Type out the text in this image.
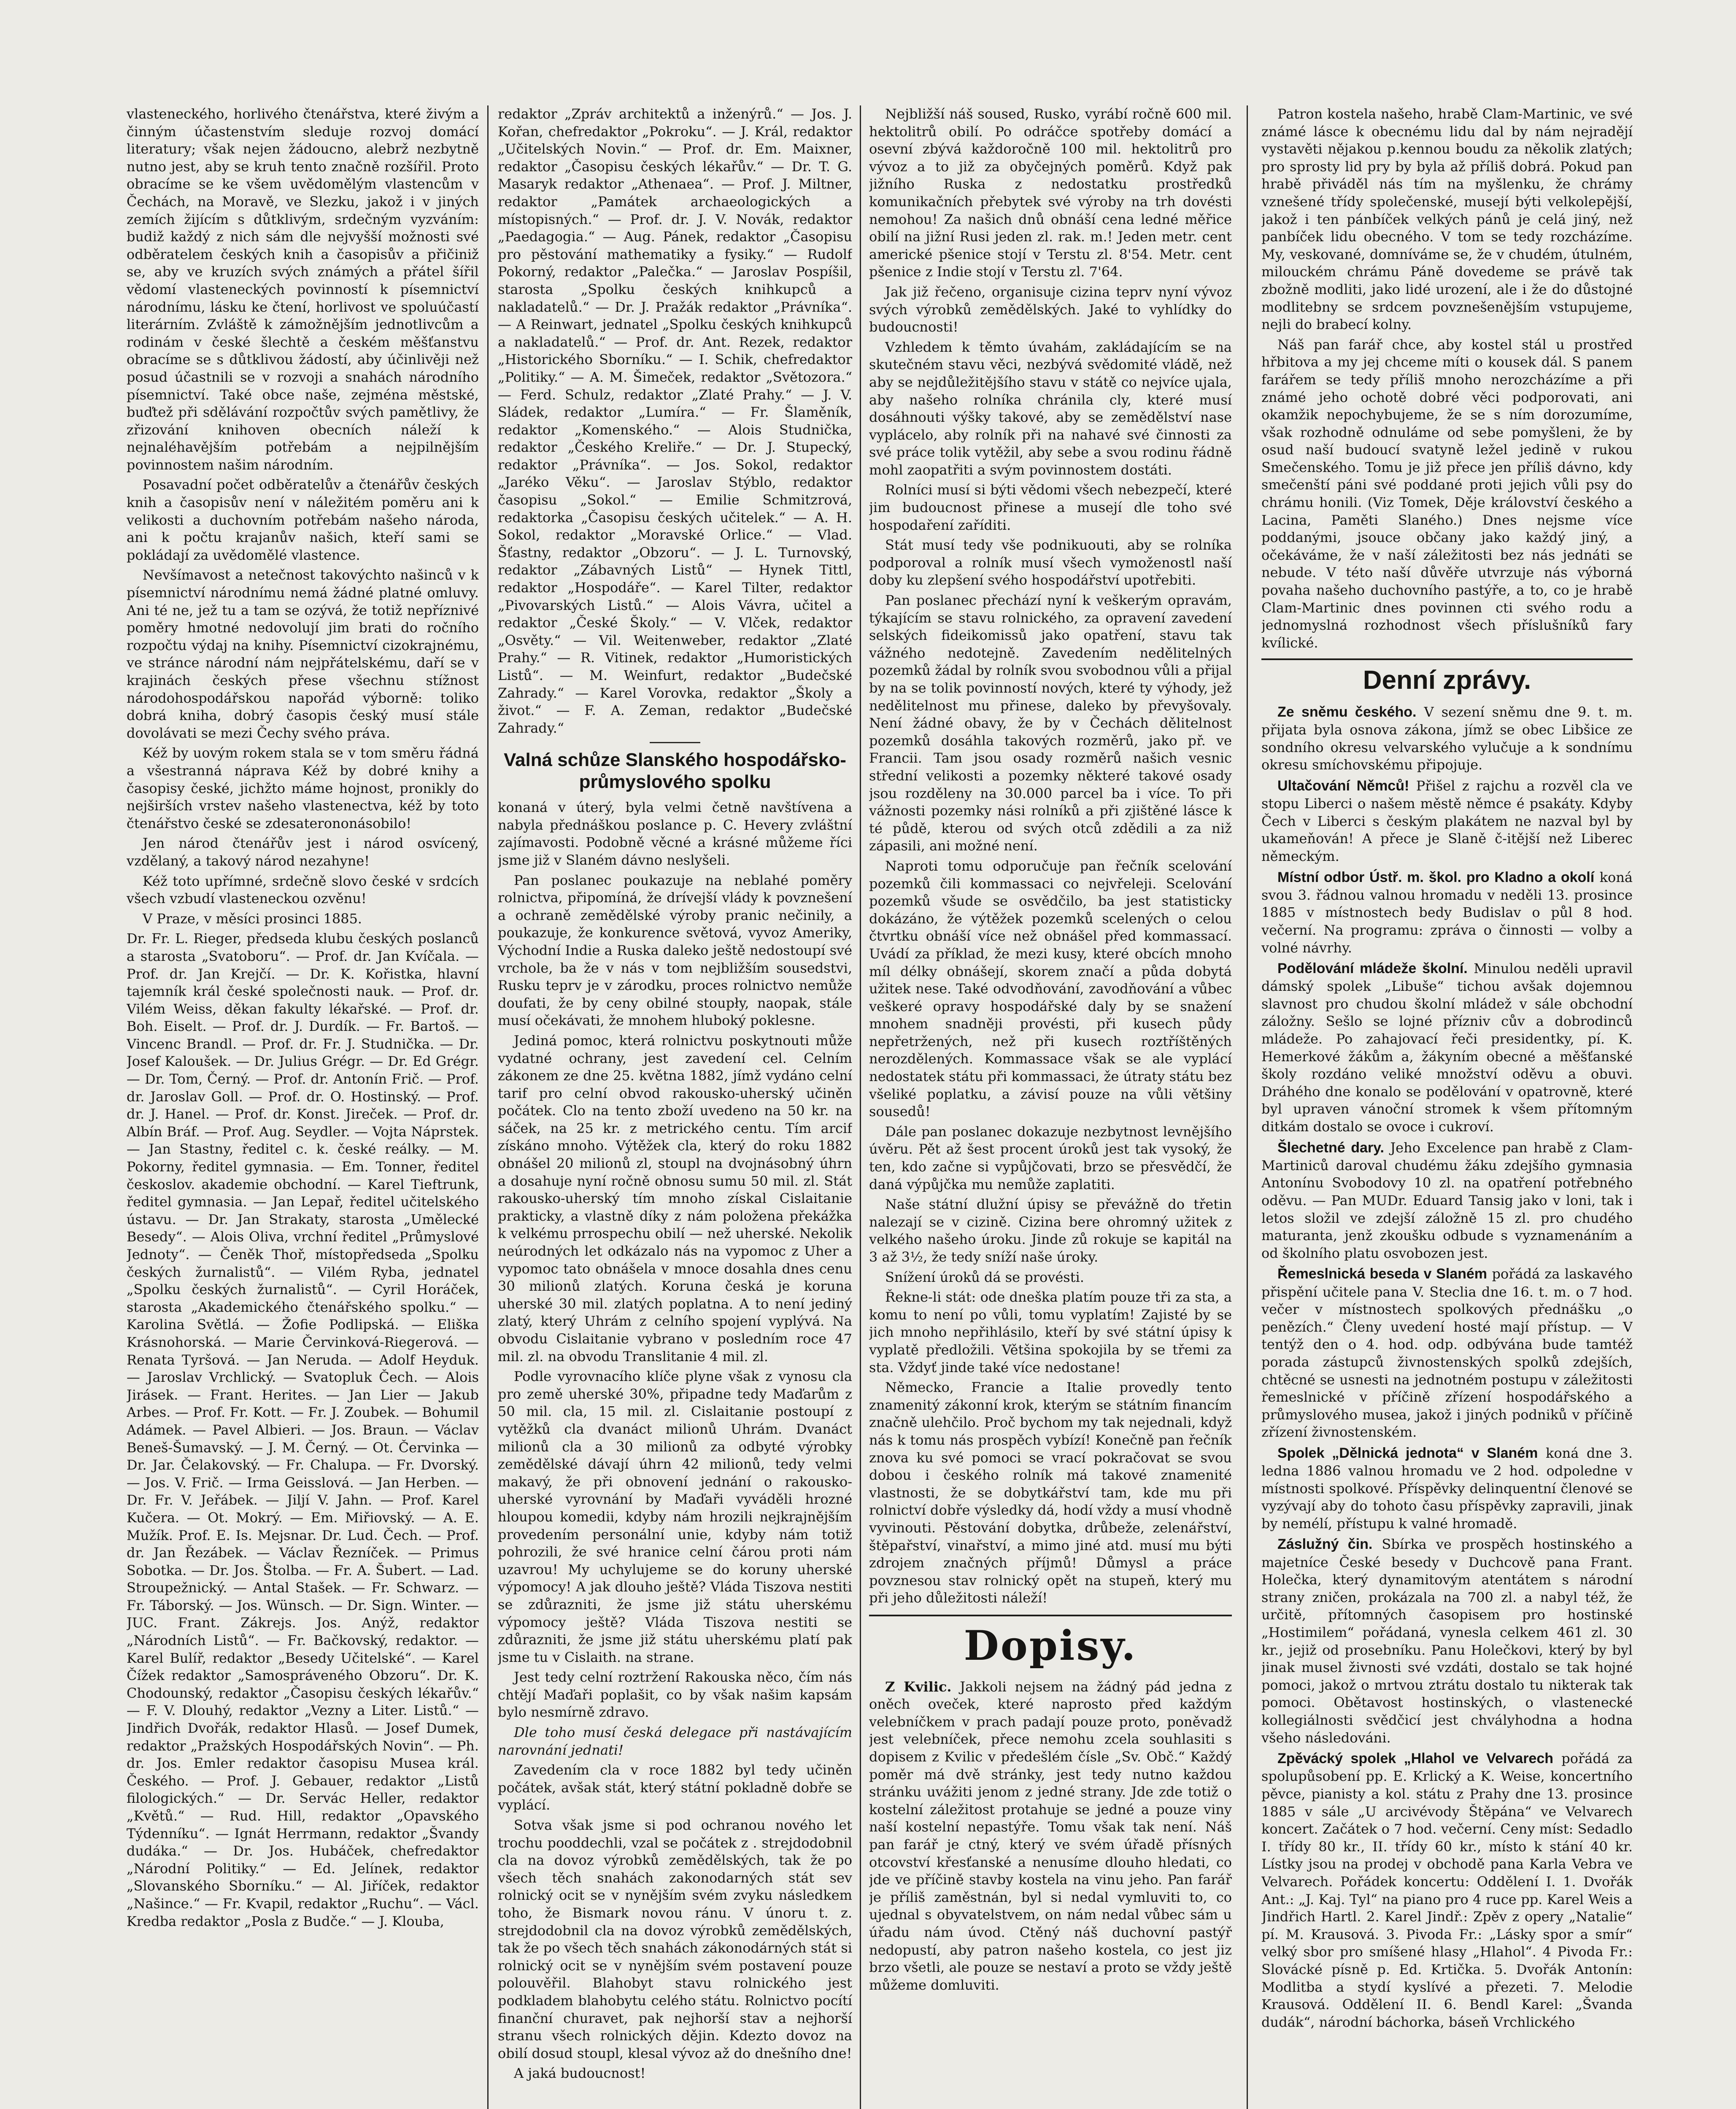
vlasteneckého, horlivého čtenářstva, které živým a činným účastenstvím sleduje rozvoj domácí literatury; však nejen žádoucno, alebrž nezbytně nutno jest, aby se kruh tento značně rozšířil. Proto obracíme se ke všem uvědomělým vlastencům v Čechách, na Moravě, ve Slezku, jakož i v jiných zemích žijícím s důtklivým, srdečným vyzváním: budiž každý z nich sám dle nejvyšší možnosti své odběratelem českých knih a časopisův a přičiniž se, aby ve kruzích svých známých a přátel šířil vědomí vlasteneckých povinností k písemnictví národnímu, lásku ke čtení, horlivost ve spoluúčastí literárním. Zvláště k zámožnějším jednotlivcům a rodinám v české šlechtě a českém měšťanstvu obracíme se s důtklivou žádostí, aby účinlivěji než posud účastnili se v rozvoji a snahách národního písemnictví. Také obce naše, zejména městské, buďtež při sdělávání rozpočtův svých pamětlivy, že zřizování knihoven obecních náleží k nejnaléhavějším potřebám a nejpilnějším povinnostem našim národním.

Posavadní počet odběratelův a čtenářův českých knih a časopisův není v náležitém poměru ani k velikosti a duchovním potřebám našeho národa, ani k počtu krajanův našich, kteří sami se pokládají za uvědomělé vlastence.

Nevšímavost a netečnost takovýchto našinců v k písemnictví národnímu nemá žádné platné omluvy. Ani té ne, jež tu a tam se ozývá, že totiž nepříznivé poměry hmotné nedovolují jim brati do ročního rozpočtu výdaj na knihy. Písemnictví cizokrajnému, ve stránce národní nám nejpřátelskému, daří se v krajinách českých přese všechnu stížnost národohospodářskou napořád výborně: toliko dobrá kniha, dobrý časopis český musí stále dovolávati se mezi Čechy svého práva.

Kéž by uovým rokem stala se v tom směru řádná a všestranná náprava Kéž by dobré knihy a časopisy české, jichžto máme hojnost, pronikly do nejširších vrstev našeho vlastenectva, kéž by toto čtenářstvo české se zdesaterononásobilo!

Jen národ čtenářův jest i národ osvícený, vzdělaný, a takový národ nezahyne!

Kéž toto upřímné, srdečně slovo české v srdcích všech vzbudí vlasteneckou ozvěnu!

V Praze, v měsíci prosinci 1885.

Dr. Fr. L. Rieger, předseda klubu českých poslanců a starosta „Svatoboru“. — Prof. dr. Jan Kvíčala. — Prof. dr. Jan Krejčí. — Dr. K. Kořistka, hlavní tajemník král české společnosti nauk. — Prof. dr. Vilém Weiss, děkan fakulty lékařské. — Prof. dr. Boh. Eiselt. — Prof. dr. J. Durdík. — Fr. Bartoš. — Vincenc Brandl. — Prof. dr. Fr. J. Studnička. — Dr. Josef Kaloušek. — Dr. Julius Grégr. — Dr. Ed Grégr. — Dr. Tom, Černý. — Prof. dr. Antonín Frič. — Prof. dr. Jaroslav Goll. — Prof. dr. O. Hostinský. — Prof. dr. J. Hanel. — Prof. dr. Konst. Jireček. — Prof. dr. Albín Bráf. — Prof. Aug. Seydler. — Vojta Náprstek. — Jan Stastny, ředitel c. k. české reálky. — M. Pokorny, ředitel gymnasia. — Em. Tonner, ředitel českoslov. akademie obchodní. — Karel Tieftrunk, ředitel gymnasia. — Jan Lepař, ředitel učitelského ústavu. — Dr. Jan Strakaty, starosta „Umělecké Besedy“. — Alois Oliva, vrchní ředitel „Průmyslové Jednoty“. — Čeněk Thoř, místopředseda „Spolku českých žurnalistů“. — Vilém Ryba, jednatel „Spolku českých žurnalistů“. — Cyril Horáček, starosta „Akademického čtenářského spolku.“ — Karolina Světlá. — Žofie Podlipská. — Eliška Krásnohorská. — Marie Červinková-Riegerová. — Renata Tyršová. — Jan Neruda. — Adolf Heyduk. — Jaroslav Vrchlický. — Svatopluk Čech. — Alois Jirásek. — Frant. Herites. — Jan Lier — Jakub Arbes. — Prof. Fr. Kott. — Fr. J. Zoubek. — Bohumil Adámek. — Pavel Albieri. — Jos. Braun. — Václav Beneš-Šumavský. — J. M. Černý. — Ot. Červinka — Dr. Jar. Čelakovský. — Fr. Chalupa. — Fr. Dvorský. — Jos. V. Frič. — Irma Geisslová. — Jan Herben. — Dr. Fr. V. Jeřábek. — Jiljí V. Jahn. — Prof. Karel Kučera. — Ot. Mokrý. — Em. Miřiovský. — A. E. Mužík. Prof. E. Is. Mejsnar. Dr. Lud. Čech. — Prof. dr. Jan Řezábek. — Václav Řezníček. — Primus Sobotka. — Dr. Jos. Štolba. — Fr. A. Šubert. — Lad. Stroupežnický. — Antal Stašek. — Fr. Schwarz. — Fr. Táborský. — Jos. Wünsch. — Dr. Sign. Winter. — JUC. Frant. Zákrejs. Jos. Anýž, redaktor „Národních Listů“. — Fr. Bačkovský, redaktor. — Karel Bulíř, redaktor „Besedy Učitelské“. — Karel Čížek redaktor „Samospráveného Obzoru“. Dr. K. Chodounský, redaktor „Časopisu českých lékařův.“ — F. V. Dlouhý, redaktor „Vezny a Liter. Listů.“ — Jindřich Dvořák, redaktor Hlasů. — Josef Dumek, redaktor „Pražských Hospodářských Novin“. — Ph. dr. Jos. Emler redaktor časopisu Musea král. Českého. — Prof. J. Gebauer, redaktor „Listů filologických.“ — Dr. Servác Heller, redaktor „Květů.“ — Rud. Hill, redaktor „Opavského Týdenníku“. — Ignát Herrmann, redaktor „Švandy dudáka.“ — Dr. Jos. Hubáček, chefredaktor „Národní Politiky.“ — Ed. Jelínek, redaktor „Slovanského Sborníku.“ — Al. Jiříček, redaktor „Našince.“ — Fr. Kvapil, redaktor „Ruchu“. — Václ. Kredba redaktor „Posla z Budče.“ — J. Klouba,

redaktor „Zpráv architektů a inženýrů.“ — Jos. J. Kořan, chefredaktor „Pokroku“. — J. Král, redaktor „Učitelských Novin.“ — Prof. dr. Em. Maixner, redaktor „Časopisu českých lékařův.“ — Dr. T. G. Masaryk redaktor „Athenaea“. — Prof. J. Miltner, redaktor „Památek archaeologických a místopisných.“ — Prof. dr. J. V. Novák, redaktor „Paedagogia.“ — Aug. Pánek, redaktor „Časopisu pro pěstování mathematiky a fysiky.“ — Rudolf Pokorný, redaktor „Palečka.“ — Jaroslav Pospíšil, starosta „Spolku českých knihkupců a nakladatelů.“ — Dr. J. Pražák redaktor „Právníka“. — A Reinwart, jednatel „Spolku českých knihkupců a nakladatelů.“ — Prof. dr. Ant. Rezek, redaktor „Historického Sborníku.“ — I. Schik, chefredaktor „Politiky.“ — A. M. Šimeček, redaktor „Světozora.“ — Ferd. Schulz, redaktor „Zlaté Prahy.“ — J. V. Sládek, redaktor „Lumíra.“ — Fr. Šlaměník, redaktor „Komenského.“ — Alois Studnička, redaktor „Českého Kreliře.“ — Dr. J. Stupecký, redaktor „Právníka“. — Jos. Sokol, redaktor „Jaréko Věku“. — Jaroslav Stýblo, redaktor časopisu „Sokol.“ — Emilie Schmitzrová, redaktorka „Časopisu českých učitelek.“ — A. H. Sokol, redaktor „Moravské Orlice.“ — Vlad. Šťastny, redaktor „Obzoru“. — J. L. Turnovský, redaktor „Zábavných Listů“ — Hynek Tittl, redaktor „Hospodáře“. — Karel Tilter, redaktor „Pivovarských Listů.“ — Alois Vávra, učitel a redaktor „České Školy.“ — V. Vlček, redaktor „Osvěty.“ — Vil. Weitenweber, redaktor „Zlaté Prahy.“ — R. Vitinek, redaktor „Humoristických Listů“. — M. Weinfurt, redaktor „Budečské Zahrady.“ — Karel Vorovka, redaktor „Školy a život.“ — F. A. Zeman, redaktor „Budečské Zahrady.“

Valná schůze Slanského hospodářsko-průmyslového spolku

konaná v úterý, byla velmi četně navštívena a nabyla přednáškou poslance p. C. Hevery zvláštní zajímavosti. Podobně věcné a krásné můžeme říci jsme již v Slaném dávno neslyšeli.

Pan poslanec poukazuje na neblahé poměry rolnictva, připomíná, že drívejší vlády k povznešení a ochraně zemědělské výroby pranic nečinily, a poukazuje, že konkurence světová, vyvoz Ameriky, Východní Indie a Ruska daleko ještě nedostoupí své vrchole, ba že v nás v tom nejbližším sousedstvi, Rusku teprv je v zárodku, proces rolnictvo nemůže doufati, že by ceny obilné stoupły, naopak, stále musí očekávati, že mnohem hluboký poklesne.

Jediná pomoc, která rolnictvu poskytnouti může vydatné ochrany, jest zavedení cel. Celním zákonem ze dne 25. května 1882, jímž vydáno celní tarif pro celní obvod rakousko-uherský učiněn počátek. Clo na tento zboží uvedeno na 50 kr. na sáček, na 25 kr. z metrického centu. Tím arcif získáno mnoho. Výtěžek cla, který do roku 1882 obnášel 20 milionů zl, stoupl na dvojnásobný úhrn a dosahuje nyní ročně obnosu sumu 50 mil. zl. Stát rakousko-uherský tím mnoho získal Cislaitanie prakticky, a vlastně díky z nám položena překážka k velkému prrospechu obilí — než uherské. Nekolik neúrodných let odkázalo nás na vypomoc z Uher a vypomoc tato obnášela v mnoce dosahla dnes cenu 30 milionů zlatých. Koruna česká je koruna uherské 30 mil. zlatých poplatna. A to není jediný zlatý, který Uhrám z celního spojení vyplývá. Na obvodu Cislaitanie vybrano v posledním roce 47 mil. zl. na obvodu Translitanie 4 mil. zl.

Podle vyrovnacího klíče plyne však z vynosu cla pro země uherské 30%, připadne tedy Maďarům z 50 mil. cla, 15 mil. zl. Cislaitanie postoupí z vytěžků cla dvanáct milionů Uhrám. Dvanáct milionů cla a 30 milionů za odbyté výrobky zemědělské dávají úhrn 42 milionů, tedy velmi makavý, že při obnovení jednání o rakousko-uherské vyrovnání by Maďaři vyváděli hrozné hloupou komedii, kdyby nám hrozili nejkrajnějším provedením personální unie, kdyby nám totiž pohrozili, že své hranice celní čárou proti nám uzavrou! My uchylujeme se do koruny uherské výpomocy! A jak dlouho ještě? Vláda Tiszova nestiti se zdůrazniti, že jsme již státu uherskému výpomocy ještě? Vláda Tiszova nestiti se zdůrazniti, že jsme již státu uherskému platí pak jsme tu v Cislaith. na strane.

Jest tedy celní roztržení Rakouska něco, čím nás chtějí Maďaři poplašit, co by však našim kapsám bylo nesmírně zdravo.

Dle toho musí česká delegace při nastávajícím narovnání jednati!

Zavedením cla v roce 1882 byl tedy učiněn počátek, avšak stát, který státní pokladně dobře se vyplácí.

Sotva však jsme si pod ochranou nového let trochu pooddechli, vzal se počátek z . strejdodobnil cla na dovoz výrobků zemědělských, tak že po všech těch snahách zakonodarných stát sev rolnický ocit se v nynějším svém zvyku následkem toho, že Bismark novou ránu. V únoru t. z. strejdodobnil cla na dovoz výrobků zemědělských, tak že po všech těch snahách zákonodárných stát si rolnický ocit se v nynějším svém postavení pouze polouvěřil. Blahobyt stavu rolnického jest podkladem blahobytu celého státu. Rolnictvo pocítí finanční churavet, pak nejhorší stav a nejhorší stranu všech rolnických dějin. Kdezto dovoz na obilí dosud stoupl, klesal vývoz až do dnešního dne!

A jaká budoucnost!

Nejbližší náš soused, Rusko, vyrábí ročně 600 mil. hektolitrů obilí. Po odráčce spotřeby domácí a osevní zbývá každoročně 100 mil. hektolitrů pro vývoz a to již za obyčejných poměrů. Když pak jižního Ruska z nedostatku prostředků komunikačních přebytek své výroby na trh dovésti nemohou! Za našich dnů obnáší cena ledné měřice obilí na jižní Rusi jeden zl. rak. m.! Jeden metr. cent americké pšenice stojí v Terstu zl. 8'54. Metr. cent pšenice z Indie stojí v Terstu zl. 7'64.

Jak již řečeno, organisuje cizina teprv nyní vývoz svých výrobků zemědělských. Jaké to vyhlídky do budoucnosti!

Vzhledem k těmto úvahám, zakládajícím se na skutečném stavu věci, nezbývá svědomité vládě, než aby se nejdůležitějšího stavu v státě co nejvíce ujala, aby našeho rolníka chránila cly, které musí dosáhnouti výšky takové, aby se zemědělství nase vyplácelo, aby rolník při na nahavé své činnosti za své práce tolik vytěžil, aby sebe a svou rodinu řádně mohl zaopatřiti a svým povinnostem dostáti.

Rolníci musí si býti vědomi všech nebezpečí, které jim budoucnost přinese a musejí dle toho své hospodaření zaříditi.

Stát musí tedy vše podnikuouti, aby se rolníka podporoval a rolník musí všech vymoženostl naší doby ku zlepšení svého hospodářství upotřebiti.

Pan poslanec přechází nyní k veškerým opravám, týkajícím se stavu rolnického, za opravení zavedení selských fideikomissů jako opatření, stavu tak vážného nedotejně. Zavedením nedělitelných pozemků žádal by rolník svou svobodnou vůli a přijal by na se tolik povinností nových, které ty výhody, jež nedělitelnost mu přinese, daleko by převyšovaly. Není žádné obavy, že by v Čechách dělitelnost pozemků dosáhla takových rozměrů, jako př. ve Francii. Tam jsou osady rozměrů našich vesnic střední velikosti a pozemky některé takové osady jsou rozděleny na 30.000 parcel ba i více. To při vážnosti pozemky nási rolníků a při zjištěné lásce k té půdě, kterou od svých otců zdědili a za niž zápasili, ani možné není.

Naproti tomu odporučuje pan řečník scelování pozemků čili kommassaci co nejvřeleji. Scelování pozemků všude se osvědčilo, ba jest statisticky dokázáno, že výtěžek pozemků scelených o celou čtvrtku obnáší více než obnášel před kommassací. Uvádí za příklad, že mezi kusy, které obcích mnoho míl délky obnášejí, skorem značí a půda dobytá užitek nese. Také odvodňování, zavodňování a vůbec veškeré opravy hospodářské daly by se snažení mnohem snadněji provésti, při kusech půdy nepřetržených, než při kusech roztříštěných nerozdělených. Kommassace však se ale vyplácí nedostatek státu při kommassaci, že útraty státu bez všeliké poplatku, a závisí pouze na vůli většiny sousedů!

Dále pan poslanec dokazuje nezbytnost levnějšího úvěru. Pět až šest procent úroků jest tak vysoký, že ten, kdo začne si vypůjčovati, brzo se přesvědčí, že daná výpůjčka mu nemůže zaplatiti.

Naše státní dlužní úpisy se převážně do třetin nalezají se v cizině. Cizina bere ohromný užitek z velkého našeho úroku. Jinde zů rokuje se kapitál na 3 až 3½, že tedy sníží naše úroky.

Snížení úroků dá se provésti.

Řekne-li stát: ode dneška platím pouze tři za sta, a komu to není po vůli, tomu vyplatím! Zajisté by se jich mnoho nepřihlásilo, kteří by své státní úpisy k vyplatě předložili. Většina spokojila by se třemi za sta. Vždyť jinde také více nedostane!

Německo, Francie a Italie provedly tento znamenitý zákonní krok, kterým se státním financím značně ulehčilo. Proč bychom my tak nejednali, když nás k tomu nás prospěch vybízí! Konečně pan řečník znova ku své pomoci se vrací pokračovat se svou dobou i českého rolník má takové znamenité vlastnosti, že se dobytkářství tam, kde mu při rolnictví dobře výsledky dá, hodí vždy a musí vhodně vyvinouti. Pěstování dobytka, drůbeže, zelenářství, štěpařství, vinařství, a mimo jiné atd. musí mu býti zdrojem značných příjmů! Důmysl a práce povznesou stav rolnický opět na stupeň, který mu při jeho důležitosti náleží!

Dopisy.

Z Kvilic. Jakkoli nejsem na žádný pád jedna z oněch oveček, které naprosto před každým velebníčkem v prach padají pouze proto, poněvadž jest velebníček, přece nemohu zcela souhlasiti s dopisem z Kvilic v předešlém čísle „Sv. Obč.“ Každý poměr má dvě stránky, jest tedy nutno každou stránku uvážiti jenom z jedné strany. Jde zde totiž o kostelní záležitost protahuje se jedné a pouze viny naší kostelní nepastýře. Tomu však tak není. Náš pan farář je ctný, který ve svém úřadě přísných otcovství křesťanské a nenusíme dlouho hledati, co jde ve příčině stavby kostela na vinu jeho. Pan farář je příliš zaměstnán, byl si nedal vymluviti to, co ujednal s obyvatelstvem, on nám nedal vůbec sám u úřadu nám úvod. Ctěný náš duchovní pastýř nedopustí, aby patron našeho kostela, co jest jiz brzo všetli, ale pouze se nestaví a proto se vždy ještě můžeme domluviti.

Patron kostela našeho, hrabě Clam-Martinic, ve své známé lásce k obecnému lidu dal by nám nejradějí vystavěti nějakou p.kennou boudu za několik zlatých; pro sprosty lid pry by byla až příliš dobrá. Pokud pan hrabě přiváděl nás tím na myšlenku, že chrámy vznešené třídy společenské, musejí býti velkolepější, jakož i ten pánbíček velkých pánů je celá jiný, než panbíček lidu obecného. V tom se tedy rozcházíme. My, veskované, domníváme se, že v chudém, útulném, milouckém chrámu Páně dovedeme se právě tak zbožně modliti, jako lidé urození, ale i že do důstojné modlitebny se srdcem povznešenějším vstupujeme, nejli do brabecí kolny.

Náš pan farář chce, aby kostel stál u prostřed hřbitova a my jej chceme míti o kousek dál. S panem farářem se tedy příliš mnoho nerozcházíme a při známé jeho ochotě dobré věci podporovati, ani okamžik nepochybujeme, že se s ním dorozumíme, však rozhodně odnuláme od sebe pomyšleni, že by osud naší budoucí svatyně ležel jedině v rukou Smečenského. Tomu je již přece jen příliš dávno, kdy smečenští páni své poddané proti jejich vůli psy do chrámu honili. (Viz Tomek, Děje království českého a Lacina, Paměti Slaného.) Dnes nejsme více poddanými, jsouce občany jako každý jiný, a očekáváme, že v naší záležitosti bez nás jednáti se nebude. V této naší důvěře utvrzuje nás výborná povaha našeho duchovního pastýře, a to, co je hrabě Clam-Martinic dnes povinnen cti svého rodu a jednomyslná rozhodnost všech příslušníků fary kvílické.

Denní zprávy.

Ze sněmu českého. V sezení sněmu dne 9. t. m. přijata byla osnova zákona, jímž se obec Libšice ze sondního okresu velvarského vylučuje a k sondnímu okresu smíchovskému připojuje.

Ultačování Němců! Přišel z rajchu a rozvěl cla ve stopu Liberci o našem městě němce é psakáty. Kdyby Čech v Liberci s českým plakátem ne nazval byl by ukameňován! A přece je Slaně č-itější než Liberec německým.

Místní odbor Ústř. m. škol. pro Kladno a okolí koná svou 3. řádnou valnou hromadu v neděli 13. prosince 1885 v místnostech bedy Budislav o půl 8 hod. večerní. Na programu: zpráva o činnosti — volby a volné návrhy.

Podělování mládeže školní. Minulou neděli upravil dámský spolek „Libuše“ tichou avšak dojemnou slavnost pro chudou školní mládež v sále obchodní záložny. Sešlo se lojné přízniv cův a dobrodinců mládeže. Po zahajovací řeči presidentky, pí. K. Hemerkové žákům a, žákyním obecné a měšťanské školy rozdáno veliké množství oděvu a obuvi. Dráhého dne konalo se podělování v opatrovně, které byl upraven vánoční stromek k všem přítomným ditkám dostalo se ovoce i cukroví.

Šlechetné dary. Jeho Excelence pan hrabě z Clam-Martiniců daroval chudému žáku zdejšího gymnasia Antonínu Svobodovy 10 zl. na opatření potřebného oděvu. — Pan MUDr. Eduard Tansig jako v loni, tak i letos složil ve zdejší záložně 15 zl. pro chudého maturanta, jenž zkoušku odbude s vyznamenáním a od školního platu osvobozen jest.

Řemeslnická beseda v Slaném pořádá za laskavého přispění učitele pana V. Steclia dne 16. t. m. o 7 hod. večer v místnostech spolkových přednášku „o penězích.“ Členy uvedení hosté mají přístup. — V tentýž den o 4. hod. odp. odbývána bude tamtéž porada zástupců živnostenských spolků zdejších, chtěcné se usnesti na jednotném postupu v záležitosti řemeslnické v příčině zřízení hospodářského a průmyslového musea, jakož i jiných podniků v příčině zřízení živnostenském.

Spolek „Dělnická jednota“ v Slaném koná dne 3. ledna 1886 valnou hromadu ve 2 hod. odpoledne v místnosti spolkové. Příspěvky delinquentní členové se vyzývají aby do tohoto času příspěvky zapravili, jinak by nemélí, přístupu k valné hromadě.

Záslužný čin. Sbírka ve prospěch hostinského a majetníce České besedy v Duchcově pana Frant. Holečka, který dynamitovým atentátem s národní strany zničen, prokázala na 700 zl. a nabyl též, že určitě, přítomných časopisem pro hostinské „Hostimilem“ pořádaná, vynesla celkem 461 zl. 30 kr., jejiž od prosebníku. Panu Holečkovi, který by byl jinak musel živnosti své vzdáti, dostalo se tak hojné pomoci, jakož o mrtvou ztrátu dostalo tu nikterak tak pomoci. Obětavost hostinských, o vlastenecké kollegiálnosti svědčicí jest chvályhodna a hodna všeho následováni.

Zpěvácký spolek „Hlahol ve Velvarech pořádá za spolupůsobení pp. E. Krlický a K. Weise, koncertního pěvce, pianisty a kol. státu z Prahy dne 13. prosince 1885 v sále „U arcivévody Štěpána“ ve Velvarech koncert. Začátek o 7 hod. večerní. Ceny míst: Sedadlo I. třídy 80 kr., II. třídy 60 kr., místo k stání 40 kr. Lístky jsou na prodej v obchodě pana Karla Vebra ve Velvarech. Pořádek koncertu: Oddělení I. 1. Dvořák Ant.: „J. Kaj. Tyl“ na piano pro 4 ruce pp. Karel Weis a Jindřich Hartl. 2. Karel Jindř.: Zpěv z opery „Natalie“ pí. M. Krausová. 3. Pivoda Fr.: „Lásky spor a smír“ velký sbor pro smíšené hlasy „Hlahol“. 4 Pivoda Fr.: Slovácké písně p. Ed. Krtička. 5. Dvořák Antonín: Modlitba a stydí kyslívé a přezeti. 7. Melodie Krausová. Oddělení II. 6. Bendl Karel: „Švanda dudák“, národní báchorka, báseň Vrchlického
